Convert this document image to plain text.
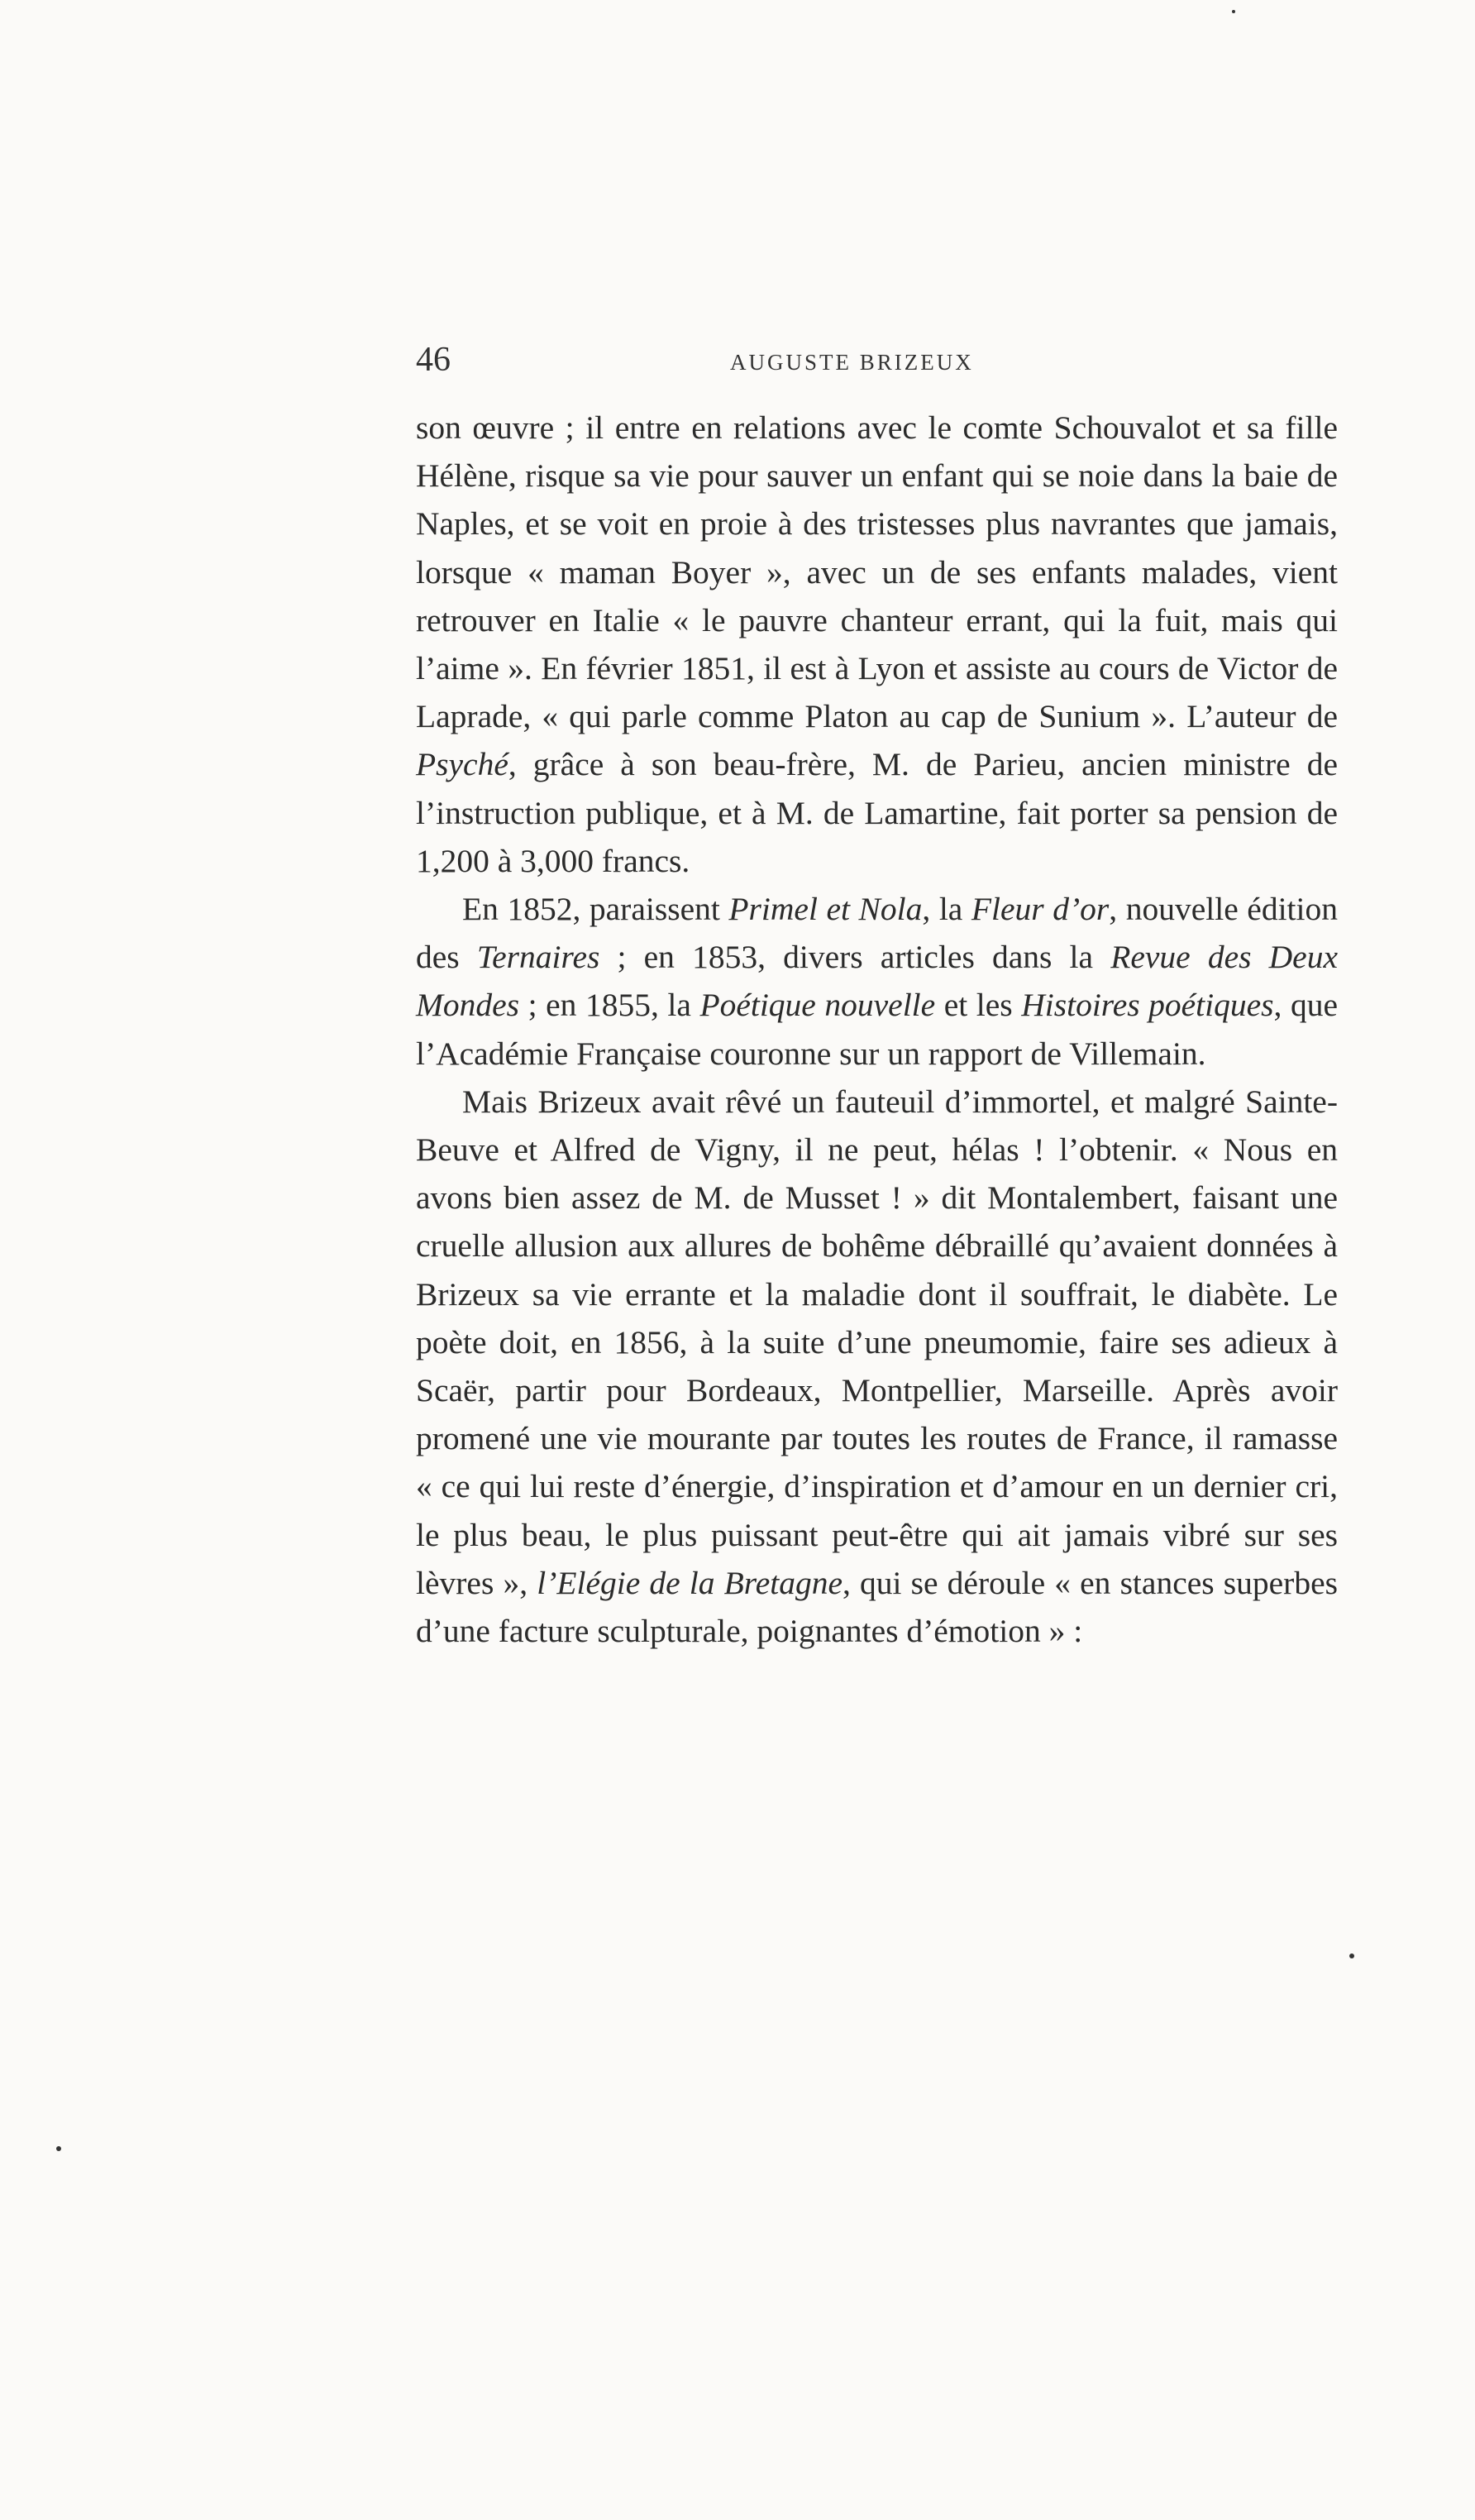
46	AUGUSTE BRIZEUX

son œuvre ; il entre en relations avec le comte Schouvalot et sa fille Hélène, risque sa vie pour sauver un enfant qui se noie dans la baie de Naples, et se voit en proie à des tristesses plus navrantes que jamais, lorsque « maman Boyer », avec un de ses enfants malades, vient retrouver en Italie « le pauvre chanteur errant, qui la fuit, mais qui l’aime ». En février 1851, il est à Lyon et assiste au cours de Victor de Laprade, « qui parle comme Platon au cap de Sunium ». L’auteur de Psyché, grâce à son beau-frère, M. de Parieu, ancien ministre de l’instruction publique, et à M. de Lamartine, fait porter sa pension de 1,200 à 3,000 francs.

En 1852, paraissent Primel et Nola, la Fleur d’or, nouvelle édition des Ternaires ; en 1853, divers articles dans la Revue des Deux Mondes ; en 1855, la Poétique nouvelle et les Histoires poétiques, que l’Académie Française couronne sur un rapport de Villemain.

Mais Brizeux avait rêvé un fauteuil d’immortel, et malgré Sainte-Beuve et Alfred de Vigny, il ne peut, hélas ! l’obtenir. « Nous en avons bien assez de M. de Musset ! » dit Montalembert, faisant une cruelle allusion aux allures de bohême débraillé qu’avaient données à Brizeux sa vie errante et la maladie dont il souffrait, le diabète. Le poète doit, en 1856, à la suite d’une pneumomie, faire ses adieux à Scaër, partir pour Bordeaux, Montpellier, Marseille. Après avoir promené une vie mourante par toutes les routes de France, il ramasse « ce qui lui reste d’énergie, d’inspiration et d’amour en un dernier cri, le plus beau, le plus puissant peut-être qui ait jamais vibré sur ses lèvres », l’Elégie de la Bretagne, qui se déroule « en stances superbes d’une facture sculpturale, poignantes d’émotion » :
